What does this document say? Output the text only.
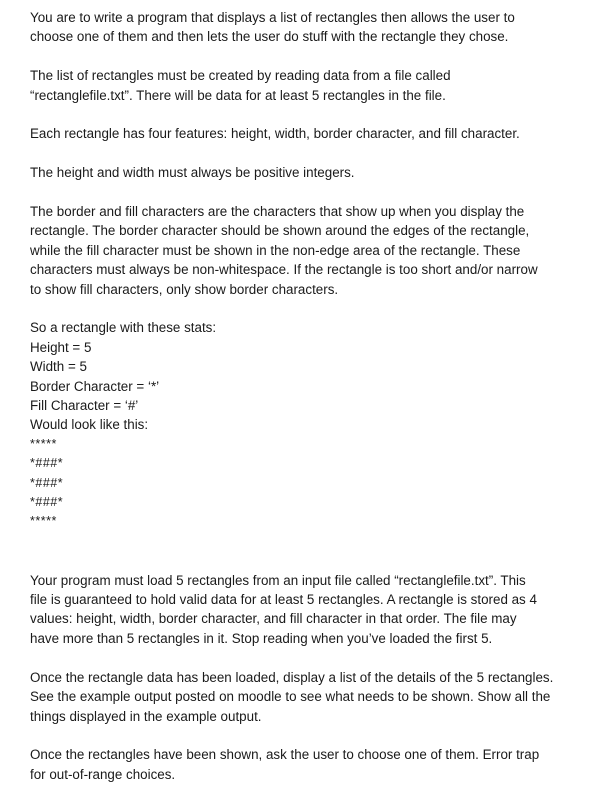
You are to write a program that displays a list of rectangles then allows the user to
choose one of them and then lets the user do stuff with the rectangle they chose.
The list of rectangles must be created by reading data from a file called
“rectanglefile.txt”. There will be data for at least 5 rectangles in the file.
Each rectangle has four features: height, width, border character, and fill character.
The height and width must always be positive integers.
The border and fill characters are the characters that show up when you display the
rectangle. The border character should be shown around the edges of the rectangle,
while the fill character must be shown in the non-edge area of the rectangle. These
characters must always be non-whitespace. If the rectangle is too short and/or narrow
to show fill characters, only show border characters.
So a rectangle with these stats:
Height = 5
Width = 5
Border Character = ‘*’
Fill Character = ‘#’
Would look like this:
*****
*###*
*###*
*###*
*****
Your program must load 5 rectangles from an input file called “rectanglefile.txt”. This
file is guaranteed to hold valid data for at least 5 rectangles. A rectangle is stored as 4
values: height, width, border character, and fill character in that order. The file may
have more than 5 rectangles in it. Stop reading when you’ve loaded the first 5.
Once the rectangle data has been loaded, display a list of the details of the 5 rectangles.
See the example output posted on moodle to see what needs to be shown. Show all the
things displayed in the example output.
Once the rectangles have been shown, ask the user to choose one of them. Error trap
for out-of-range choices.
